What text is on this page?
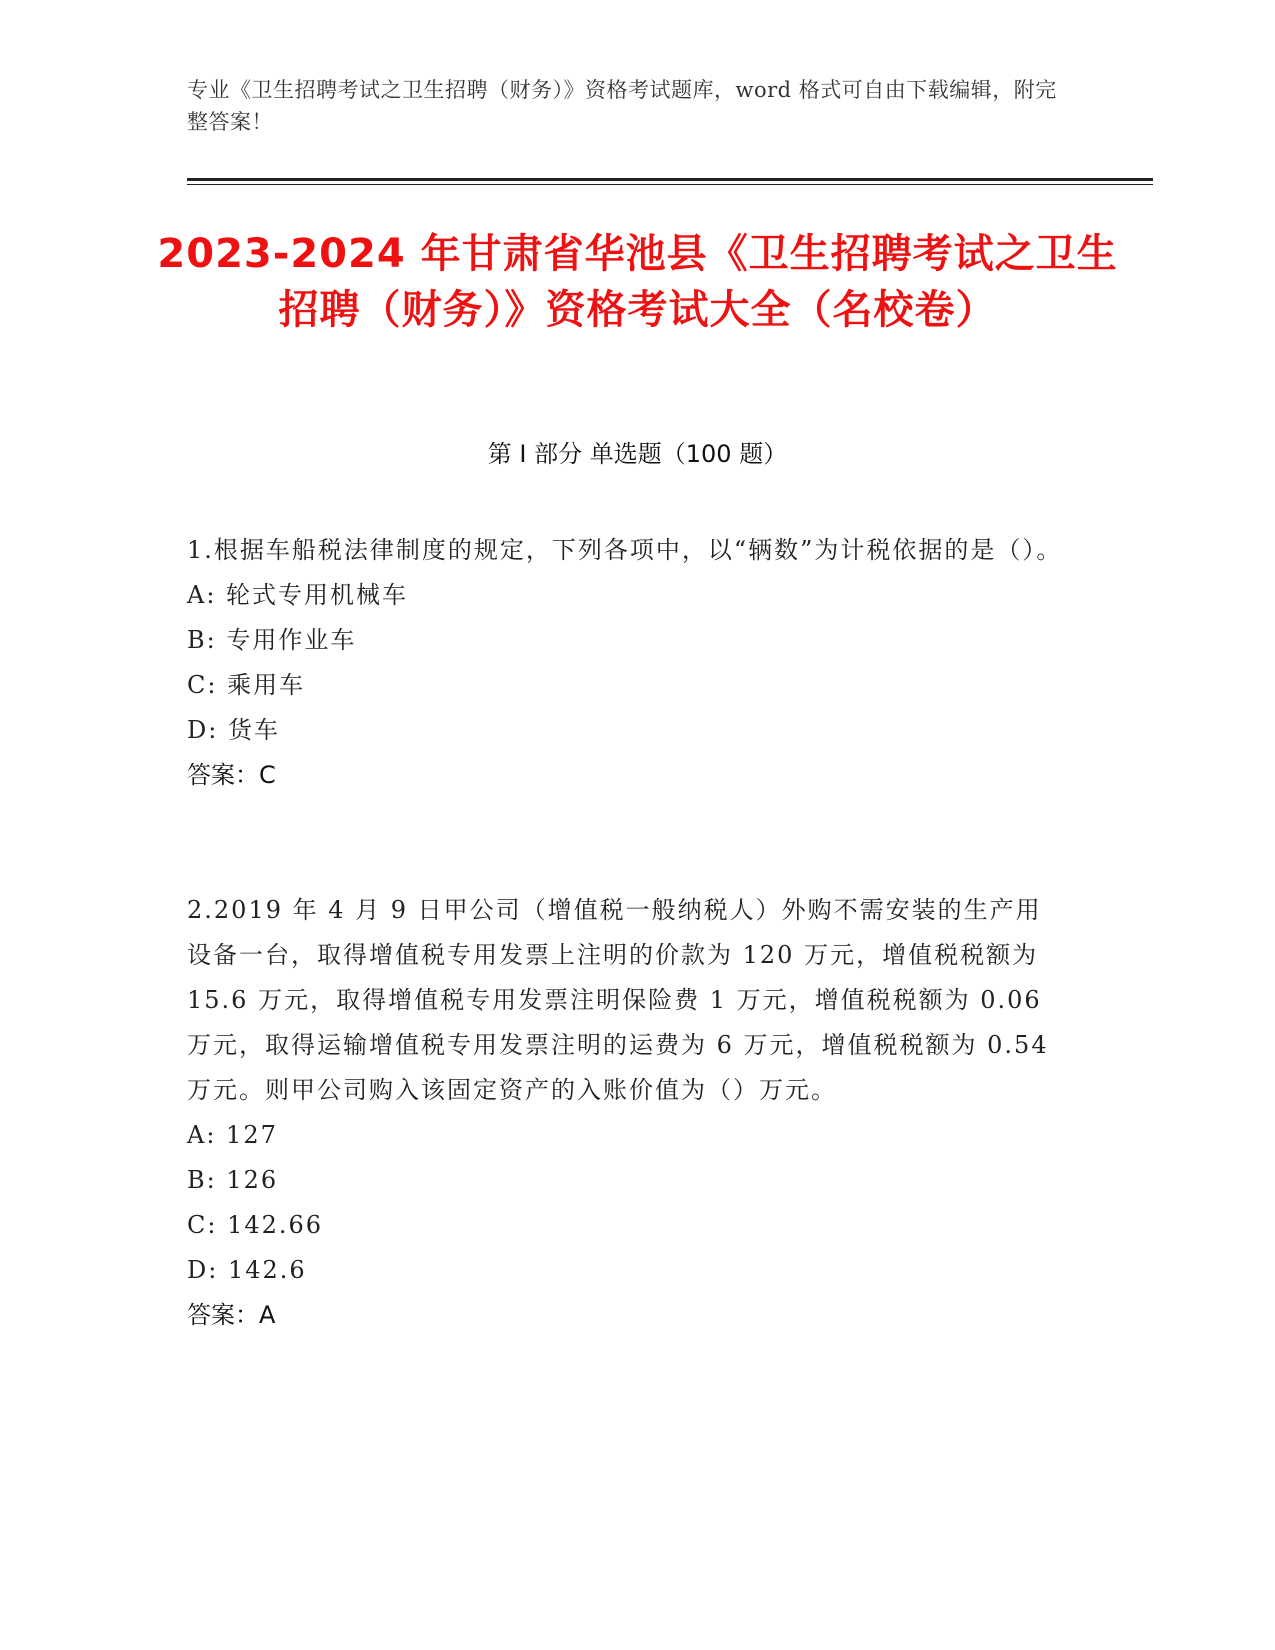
专业《卫生招聘考试之卫生招聘（财务）》资格考试题库，word 格式可自由下载编辑，附完整答案！
2023-2024 年甘肃省华池县《卫生招聘考试之卫生招聘（财务）》资格考试大全（名校卷）
第 I 部分 单选题（100 题）

1.根据车船税法律制度的规定，下列各项中，以“辆数”为计税依据的是（）。

A: 轮式专用机械车

B: 专用作业车

C: 乘用车

D: 货车

答案：C

2.2019 年 4 月 9 日甲公司（增值税一般纳税人）外购不需安装的生产用设备一台，取得增值税专用发票上注明的价款为 120 万元，增值税税额为 15.6 万元，取得增值税专用发票注明保险费 1 万元，增值税税额为 0.06 万元，取得运输增值税专用发票注明的运费为 6 万元，增值税税额为 0.54 万元。则甲公司购入该固定资产的入账价值为（）万元。

A: 127

B: 126

C: 142.66

D: 142.6

答案：A
